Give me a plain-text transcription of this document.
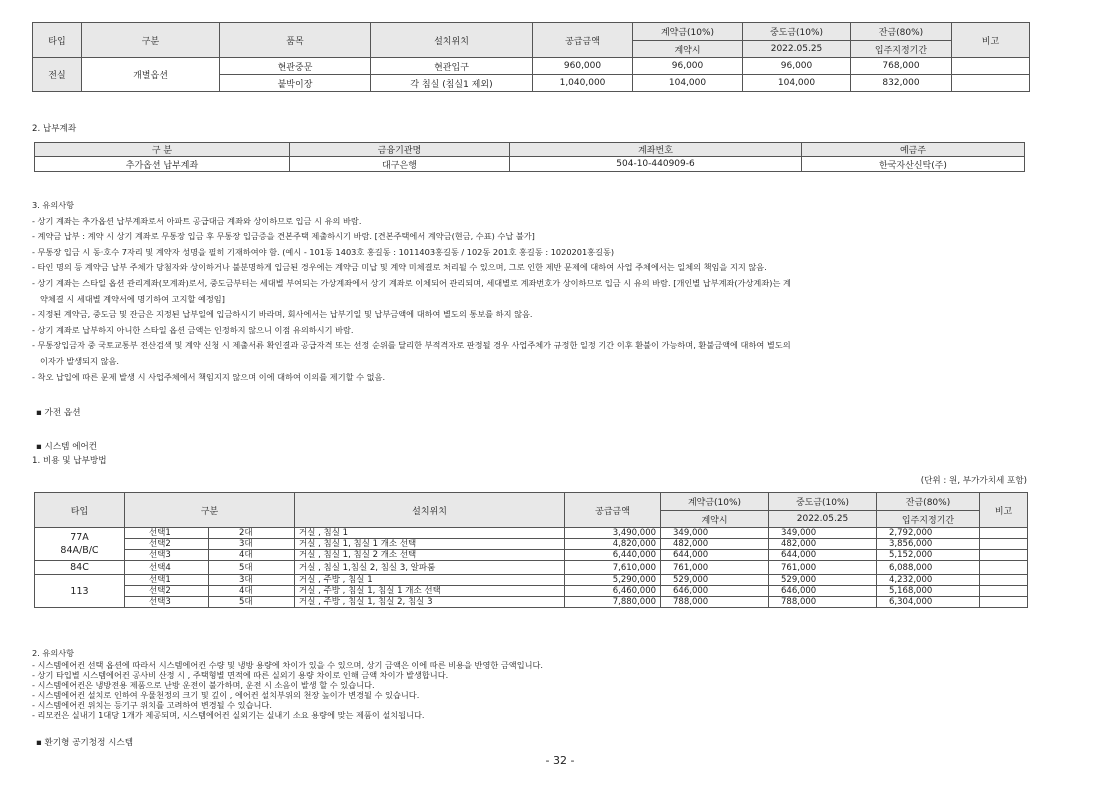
타입	구분	품목	설치위치	공급금액	계약금(10%)	중도금(10%)	잔금(80%)	비고
					계약시	2022.05.25	입주지정기간	
전실	개별옵션	현관중문	현관입구	960,000	96,000	96,000	768,000	
		붙박이장	각 침실 (침실1 제외)	1,040,000	104,000	104,000	832,000	
2. 납부계좌
구 분	금융기관명	계좌번호	예금주
추가옵션 납부계좌	대구은행	504-10-440909-6	한국자산신탁(주)

3. 유의사항

- 상기 계좌는 추가옵션 납부계좌로서 아파트 공급대금 계좌와 상이하므로 입금 시 유의 바람.

- 계약금 납부 : 계약 시 상기 계좌로 무통장 입금 후 무통장 입금증을 견본주택 제출하시기 바람. [견본주택에서 계약금(현금, 수표) 수납 불가]

- 무통장 입금 시 동·호수 7자리 및 계약자 성명을 필히 기재하여야 함. (예시 - 101동 1403호 홍길동 : 1011403홍길동 / 102동 201호 홍길동 : 1020201홍길동)

- 타인 명의 등 계약금 납부 주체가 당첨자와 상이하거나 불분명하게 입금된 경우에는 계약금 미납 및 계약 미체결로 처리될 수 있으며, 그로 인한 제반 문제에 대하여 사업 주체에서는 일체의 책임을 지지 않음.

- 상기 계좌는 스타일 옵션 관리계좌(모계좌)로서, 중도금부터는 세대별 부여되는 가상계좌에서 상기 계좌로 이체되어 관리되며, 세대별로 계좌번호가 상이하므로 입금 시 유의 바람. [개인별 납부계좌(가상계좌)는 계

약체결 시 세대별 계약서에 명기하여 고지할 예정임]

- 지정된 계약금, 중도금 및 잔금은 지정된 납부일에 입금하시기 바라며, 회사에서는 납부기일 및 납부금액에 대하여 별도의 통보를 하지 않음.

- 상기 계좌로 납부하지 아니한 스타일 옵션 금액는 인정하지 않으니 이점 유의하시기 바람.

- 무통장입금자 중 국토교통부 전산검색 및 계약 신청 시 제출서류 확인결과 공급자격 또는 선정 순위를 달리한 부적격자로 판정될 경우 사업주체가 규정한 일정 기간 이후 환불이 가능하며, 환불금액에 대하여 별도의

이자가 발생되지 않음.

- 착오 납입에 따른 문제 발생 시 사업주체에서 책임지지 않으며 이에 대하여 이의를 제기할 수 없음.

▪ 가전 옵션
▪ 시스템 에어컨
1. 비용 및 납부방법
(단위 : 원, 부가가치세 포함)
타입	구분		설치위치	공급금액	계약금(10%)	중도금(10%)	잔금(80%)	비고
					계약시	2022.05.25	입주지정기간	
77A
84A/B/C	선택1	2대	거실 , 침실 1	3,490,000	349,000	349,000	2,792,000	
	선택2	3대	거실 , 침실 1, 침실 1 개소 선택	4,820,000	482,000	482,000	3,856,000	
	선택3	4대	거실 , 침실 1, 침실 2 개소 선택	6,440,000	644,000	644,000	5,152,000	
84C	선택4	5대	거실 , 침실 1,침실 2, 침실 3, 알파룸	7,610,000	761,000	761,000	6,088,000	
113	선택1	3대	거실 , 주방 , 침실 1	5,290,000	529,000	529,000	4,232,000	
	선택2	4대	거실 , 주방 , 침실 1, 침실 1 개소 선택	6,460,000	646,000	646,000	5,168,000	
	선택3	5대	거실 , 주방 , 침실 1, 침실 2, 침실 3	7,880,000	788,000	788,000	6,304,000	

2. 유의사항

- 시스템에어컨 선택 옵션에 따라서 시스템에어컨 수량 및 냉방 용량에 차이가 있을 수 있으며, 상기 금액은 이에 따른 비용을 반영한 금액입니다.

- 상기 타입별 시스템에어컨 공사비 산정 시 , 주택형별 면적에 따른 실외기 용량 차이로 인해 금액 차이가 발생합니다.

- 시스템에어컨은 냉방전용 제품으로 난방 운전이 불가하며, 운전 시 소음이 발생 할 수 있습니다.

- 시스템에어컨 설치로 인하여 우물천정의 크기 및 깊이 , 에어컨 설치부위의 천장 높이가 변경될 수 있습니다.

- 시스템에어컨 위치는 등기구 위치를 고려하여 변경될 수 있습니다.

- 리모컨은 실내기 1대당 1개가 제공되며, 시스템에어컨 실외기는 실내기 소요 용량에 맞는 제품이 설치됩니다.

▪ 환기형 공기청정 시스템
- 32 -
